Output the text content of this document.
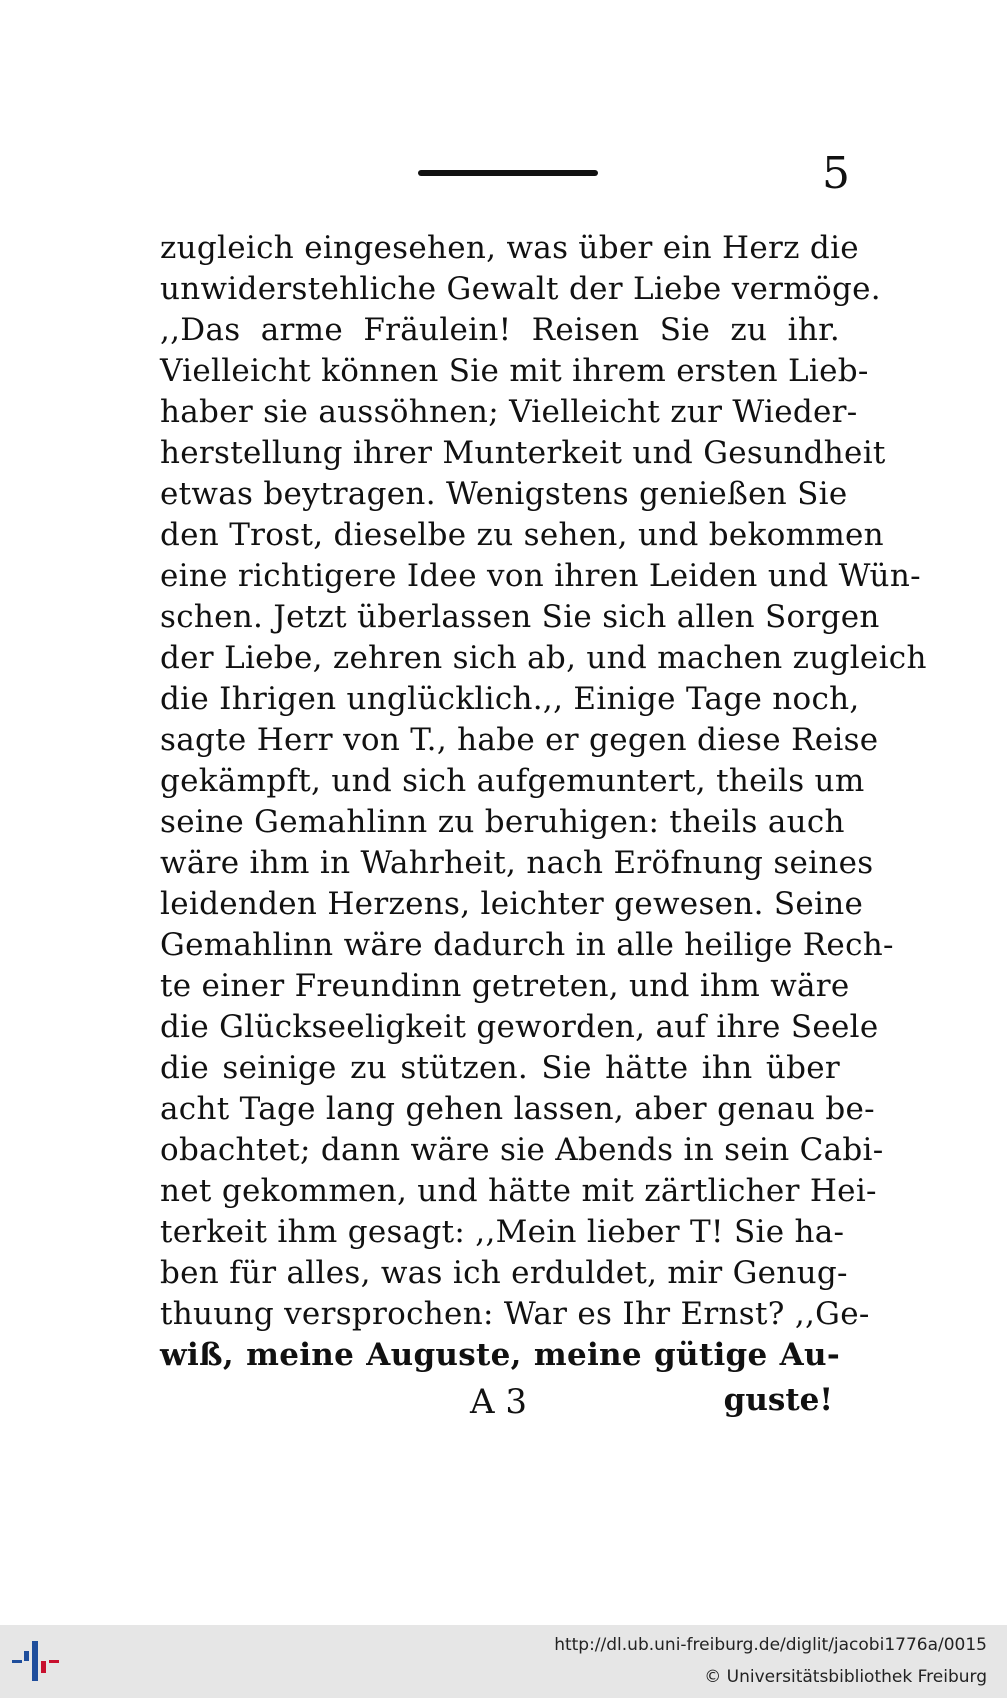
5
zugleich eingesehen, was über ein Herz die
unwiderstehliche Gewalt der Liebe vermöge.
,,Das arme Fräulein! Reisen Sie zu ihr.
Vielleicht können Sie mit ihrem ersten Lieb-
haber sie aussöhnen; Vielleicht zur Wieder-
herstellung ihrer Munterkeit und Gesundheit
etwas beytragen. Wenigstens genießen Sie
den Trost, dieselbe zu sehen, und bekommen
eine richtigere Idee von ihren Leiden und Wün-
schen. Jetzt überlassen Sie sich allen Sorgen
der Liebe, zehren sich ab, und machen zugleich
die Ihrigen unglücklich.,, Einige Tage noch,
sagte Herr von T., habe er gegen diese Reise
gekämpft, und sich aufgemuntert, theils um
seine Gemahlinn zu beruhigen: theils auch
wäre ihm in Wahrheit, nach Eröfnung seines
leidenden Herzens, leichter gewesen. Seine
Gemahlinn wäre dadurch in alle heilige Rech-
te einer Freundinn getreten, und ihm wäre
die Glückseeligkeit geworden, auf ihre Seele
die seinige zu stützen. Sie hätte ihn über
acht Tage lang gehen lassen, aber genau be-
obachtet; dann wäre sie Abends in sein Cabi-
net gekommen, und hätte mit zärtlicher Hei-
terkeit ihm gesagt: ,,Mein lieber T! Sie ha-
ben für alles, was ich erduldet, mir Genug-
thuung versprochen: War es Ihr Ernst? ,,Ge-
wiß, meine Auguste, meine gütige Au-
A 3	guste!
http://dl.ub.uni-freiburg.de/diglit/jacobi1776a/0015
© Universitätsbibliothek Freiburg
